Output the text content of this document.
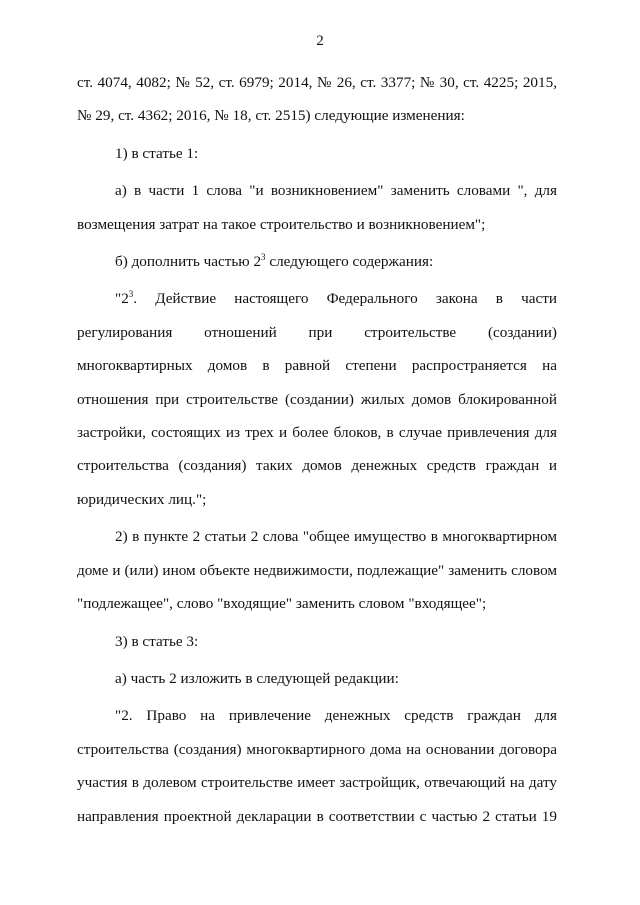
2

ст. 4074, 4082; № 52, ст. 6979; 2014, № 26, ст. 3377; № 30, ст. 4225; 2015, № 29, ст. 4362; 2016, № 18, ст. 2515) следующие изменения:

1) в статье 1:

а) в части 1 слова "и возникновением" заменить словами ", для возмещения затрат на такое строительство и возникновением";

б) дополнить частью $2^3$ следующего содержания:

"$2^3$. Действие настоящего Федерального закона в части регулирования отношений при строительстве (создании) многоквартирных домов в равной степени распространяется на отношения при строительстве (создании) жилых домов блокированной застройки, состоящих из трех и более блоков, в случае привлечения для строительства (создания) таких домов денежных средств граждан и юридических лиц.";

2) в пункте 2 статьи 2 слова "общее имущество в многоквартирном доме и (или) ином объекте недвижимости, подлежащие" заменить словом "подлежащее", слово "входящие" заменить словом "входящее";

3) в статье 3:

а) часть 2 изложить в следующей редакции:

"2. Право на привлечение денежных средств граждан для строительства (создания) многоквартирного дома на основании договора участия в долевом строительстве имеет застройщик, отвечающий на дату направления проектной декларации в соответствии с частью 2 статьи 19
